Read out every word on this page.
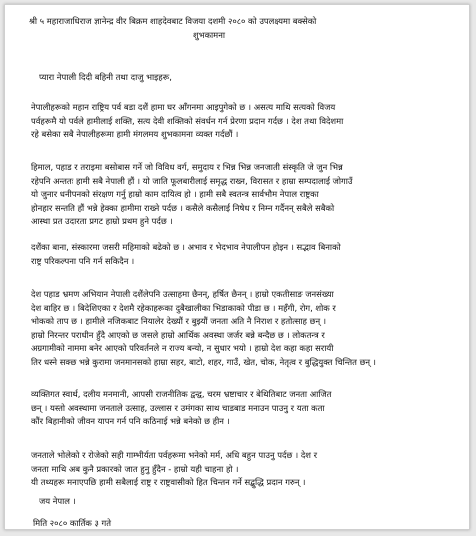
श्री ५ महाराजाधिराज ज्ञानेन्द्र वीर बिक्रम शाहदेवबाट विजया दशमी २०८० को उपलक्ष्यमा बक्सेको
शुभकामना
प्यारा नेपाली दिदी बहिनी तथा दाजु भाइहरू,
नेपालीहरूको महान राष्ट्रिय पर्व बडा दशैं हामा घर आँगनमा आइपुगेको छ । असत्य माथि सत्यको विजय
पर्वहरूमै यो पर्वले हामीलाई शक्ति, सत्य देवी शक्तिको संवर्धन गर्न प्रेरणा प्रदान गर्दछ । देश तथा विदेशमा
रहे बसेका सबै नेपालीहरूमा हामी मंगलमय शुभकामना व्यक्त गर्दछौं ।
हिमाल, पहाड र तराइमा बसोबास गर्ने जो विविध वर्ग, समुदाय र भिन्न भिन्न जनजाती संस्कृति जे जुन भिन्न
रहेपनि अन्ततः हामी सबै नेपाली हौं । यो जाति फूलबारीलाई समृद्ध राख्न, विरासत र हाम्रा सम्पदालाई जोगाउँ
यो जुनार धनीपनको संरक्षण गर्नु हाम्रो काम दायित्व हो । हामी सबै स्वतन्त्र सार्वभौम नेपाल राष्ट्रका
होनहार सन्तति हौं भन्ने हेक्का हामीमा राख्ने पर्दछ । कसैले कसैलाई निषेध र निम्न गर्दैनन् सबैले सबैको
आस्था प्रत उदारता प्रगट हाम्रो प्रथम हुने पर्दछ ।
दशैंका बाना, संस्कारमा जसरी महिमाको बढेको छ । अभाव र भेदभाव नेपालीपन होइन । सद्भाव बिनाको
राष्ट्र परिकल्पना पनि गर्न सकिदैन ।
देश पहाड भ्रमण अभियान नेपाली दशैंलेपनि उत्साहमा छैनन्, हर्षित छैनन् । हाम्रो एकतीसाङ जनसंख्या
देश बाहिर छ । बिदेशिएका र देशमै रहेकाहरूका दुबैखालीका भिडाकाको पीडा छ । महँगी, रोग, शोक र
भोकको ताप छ । हामीले नजिकबाट नियालेर देख्यौं र बुझ्यौं जनता अति नै निराश र हतोत्साह छन् ।
हाम्रो निरन्तर पराधीन हुँदै आएको छ जसले हाम्रो आर्थिक अवस्था जर्जर बन्ने बन्दैछ छ । लोकतन्त्र र
अग्रगामीको नाममा बनेर आएको परिवर्तनले न राज्य बन्यो, न सुधार भयो । हाम्रो देश कहा कहा सरायी
तिर धस्ने सक्छ भन्ने कुरामा जनमानसको हाम्रा सहर, बाटो, शहर, गाउँ, खेत, चोक, नेतृत्व र बुद्धियुक्त चिन्तित छन् ।
व्यक्तिगत स्वार्थ, दलीय मनमानी, आपसी राजनीतिक द्वन्द्व, चरम भ्रष्टाचार र बेथितिबाट जनता आजित
छन् । यस्तो अवस्थामा जनताले उत्साह, उल्लास र उमंगका साथ चाडबाड मनाउन पाउनु र यता कता
कौंर बिहानीको जीवन यापन गर्न पनि कठिनाई भन्ने बनेको छ हीन ।
जनताले भोलेको र रोजेको सही गाम्भीर्यता पर्वहरूमा भनेको मर्म, अधि बहुन पाउनु पर्दछ । देश र
जनता माथि अब कुनै प्रकारको जात हुनु हुँदैन - हाम्रो यही चाहना हो ।
यी तथ्यहरू मनाएपछि हामी सबैलाई राष्ट्र र राष्ट्रवासीको हित चिन्तन गर्ने सद्बुद्धि प्रदान गरुन् ।
जय नेपाल ।
मिति २०८० कार्तिक ३ गते
